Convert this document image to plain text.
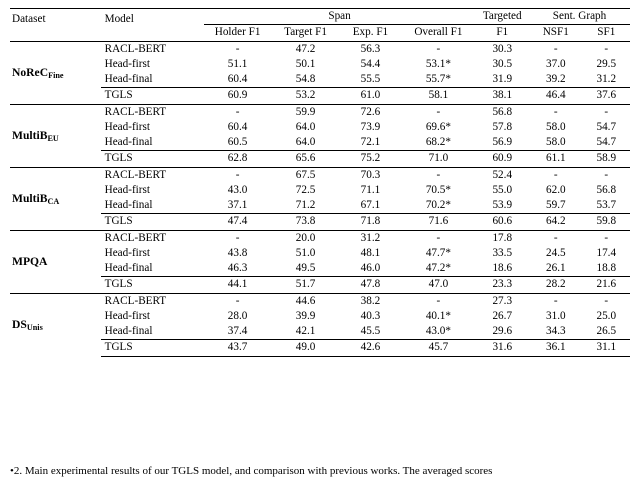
Dataset	Model	Span				Targeted	Sent. Graph	
		Holder F1	Target F1	Exp. F1	Overall F1	F1	NSF1	SF1
NoReC$_{Fine}$	RACL-BERT	-	47.2	56.3	-	30.3	-	-
	Head-first	51.1	50.1	54.4	53.1*	30.5	37.0	29.5
	Head-final	60.4	54.8	55.5	55.7*	31.9	39.2	31.2
	TGLS	60.9	53.2	61.0	58.1	38.1	46.4	37.6
MultiB$_{EU}$	RACL-BERT	-	59.9	72.6	-	56.8	-	-
	Head-first	60.4	64.0	73.9	69.6*	57.8	58.0	54.7
	Head-final	60.5	64.0	72.1	68.2*	56.9	58.0	54.7
	TGLS	62.8	65.6	75.2	71.0	60.9	61.1	58.9
MultiB$_{CA}$	RACL-BERT	-	67.5	70.3	-	52.4	-	-
	Head-first	43.0	72.5	71.1	70.5*	55.0	62.0	56.8
	Head-final	37.1	71.2	67.1	70.2*	53.9	59.7	53.7
	TGLS	47.4	73.8	71.8	71.6	60.6	64.2	59.8
MPQA	RACL-BERT	-	20.0	31.2	-	17.8	-	-
	Head-first	43.8	51.0	48.1	47.7*	33.5	24.5	17.4
	Head-final	46.3	49.5	46.0	47.2*	18.6	26.1	18.8
	TGLS	44.1	51.7	47.8	47.0	23.3	28.2	21.6
$DS_{Unis}$	RACL-BERT	-	44.6	38.2	-	27.3	-	-
	Head-first	28.0	39.9	40.3	40.1*	26.7	31.0	25.0
	Head-final	37.4	42.1	45.5	43.0*	29.6	34.3	26.5
	TGLS	43.7	49.0	42.6	45.7	31.6	36.1	31.1
•2. Main experimental results of our TGLS model, and comparison with previous works. The averaged scores
